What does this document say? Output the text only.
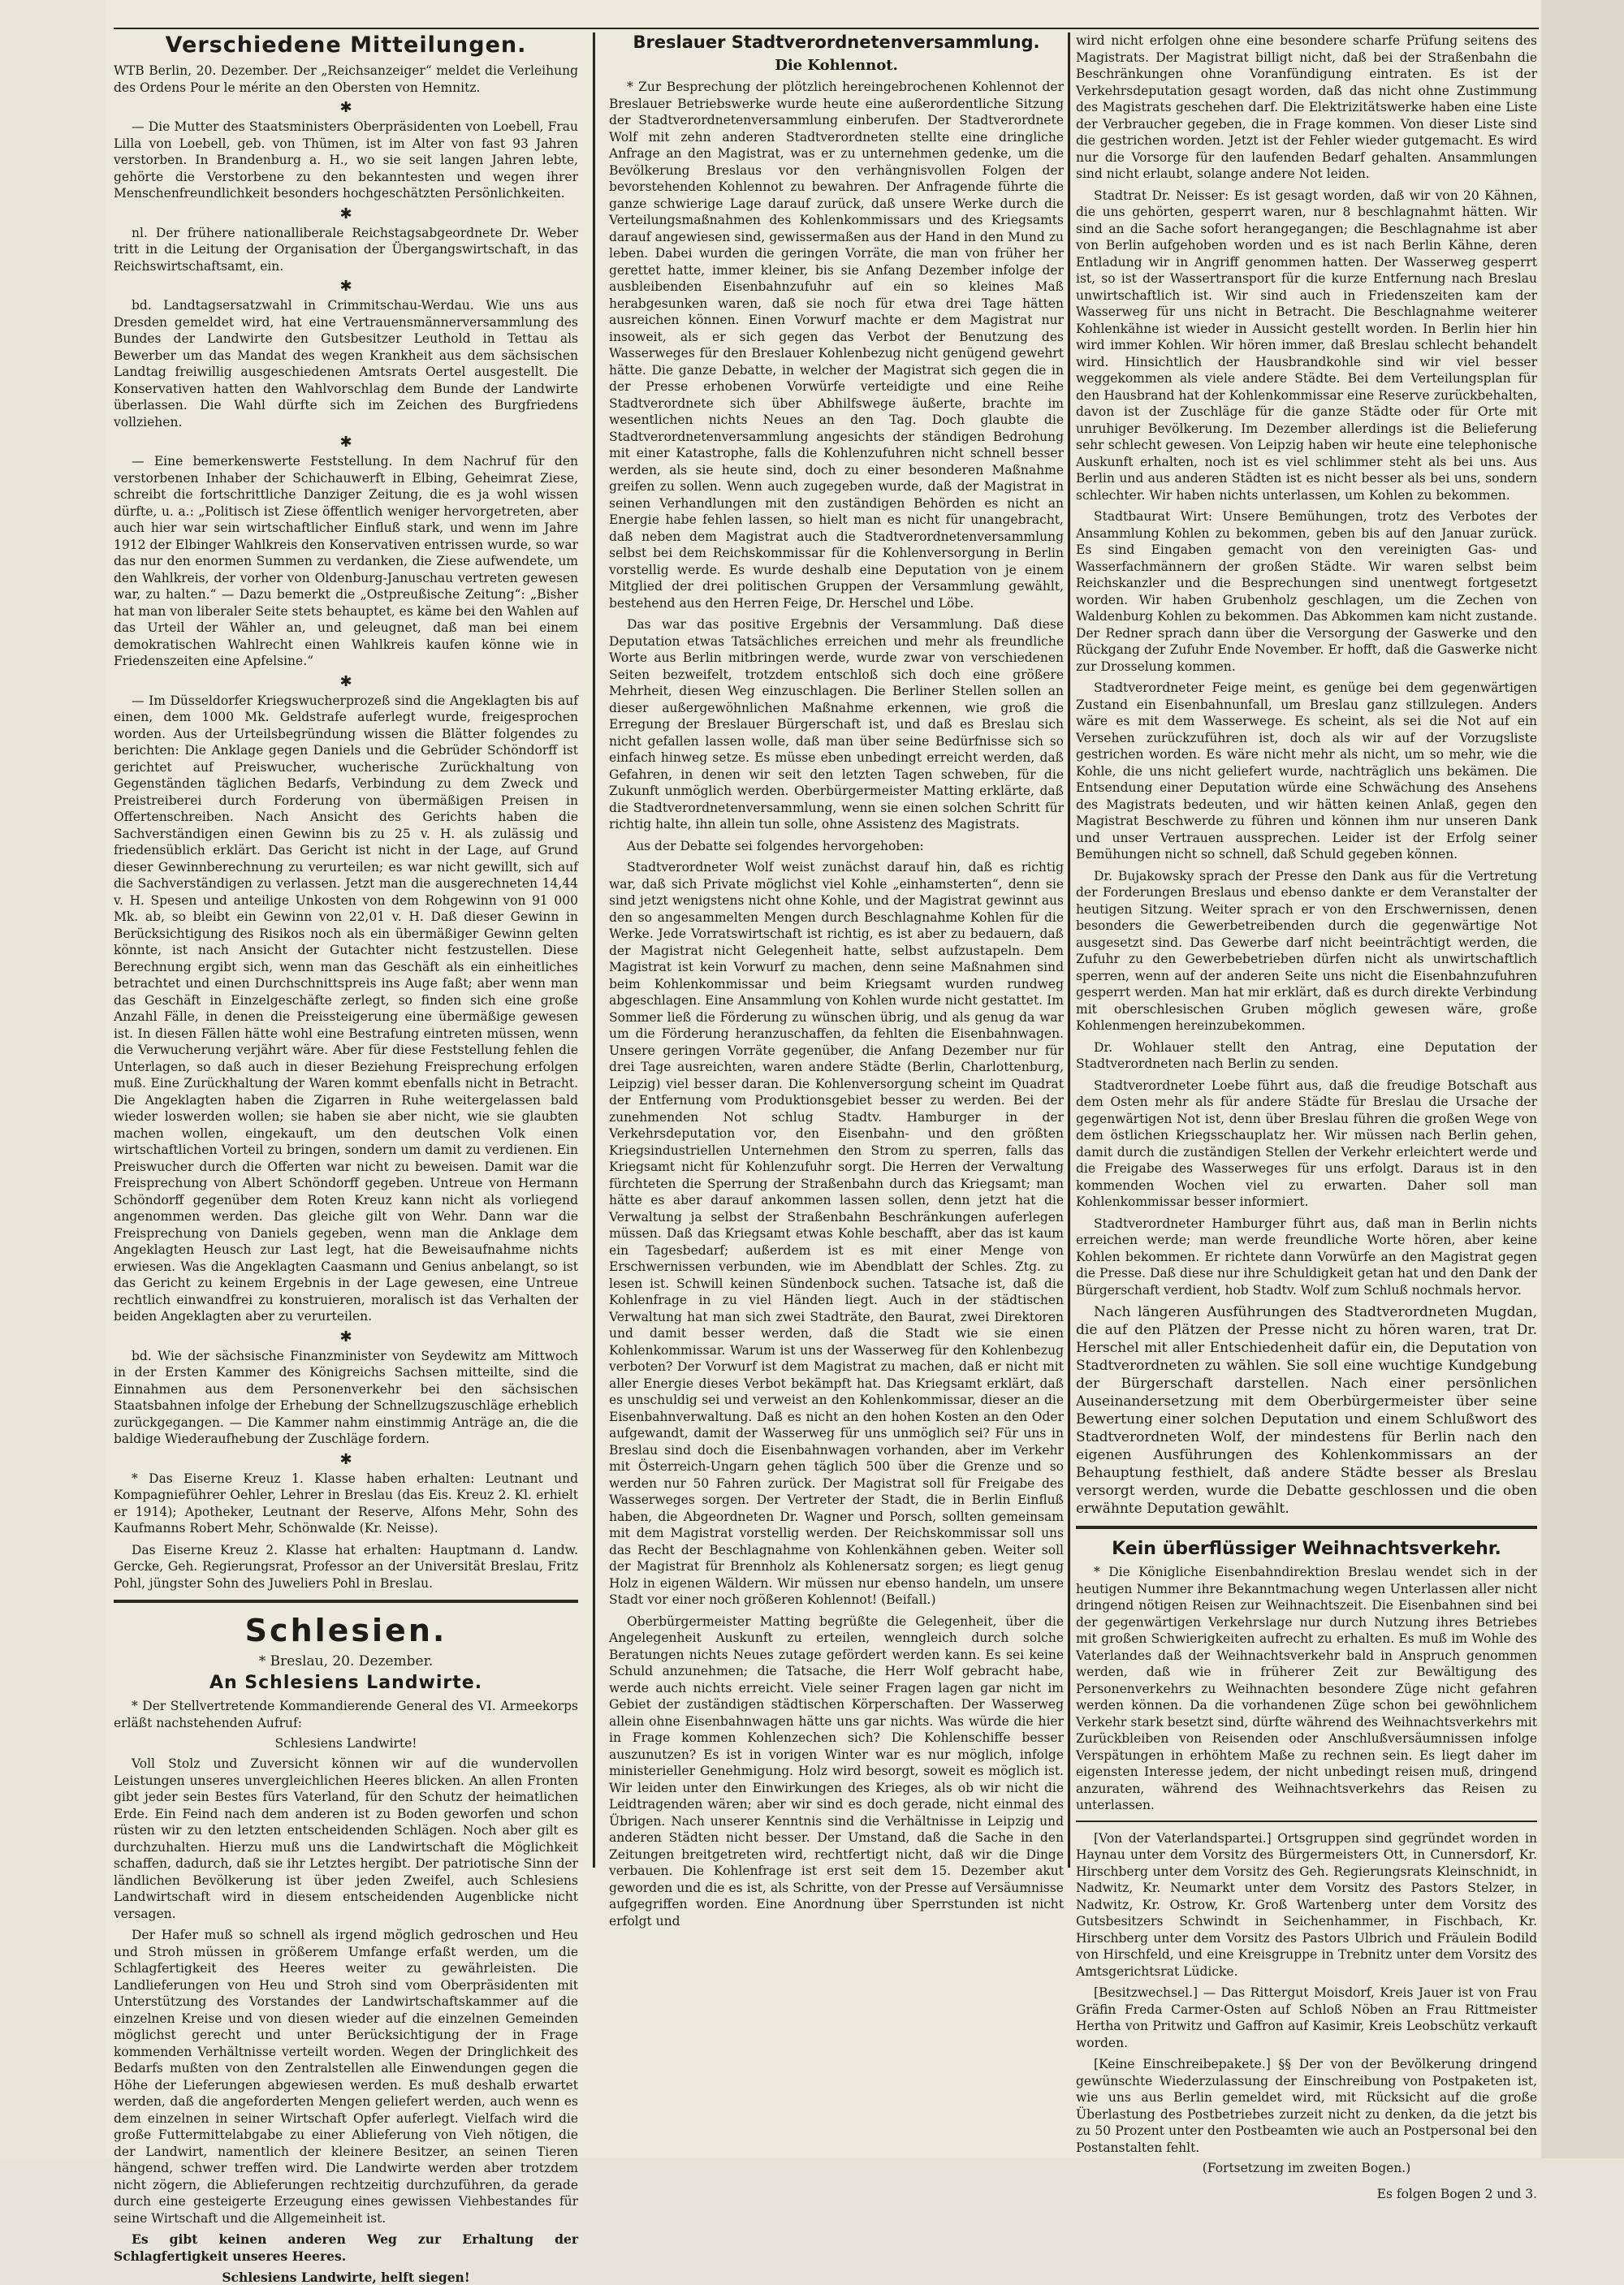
Verschiedene Mitteilungen.

WTB Berlin, 20. Dezember. Der „Reichsanzeiger“ meldet die Verleihung des Ordens Pour le mérite an den Obersten von Hemnitz.

✱

— Die Mutter des Staatsministers Oberpräsidenten von Loebell, Frau Lilla von Loebell, geb. von Thümen, ist im Alter von fast 93 Jahren verstorben. In Brandenburg a. H., wo sie seit langen Jahren lebte, gehörte die Verstorbene zu den bekanntesten und wegen ihrer Menschenfreundlichkeit besonders hochgeschätzten Persönlichkeiten.

✱

nl. Der frühere nationalliberale Reichstagsabgeordnete Dr. Weber tritt in die Leitung der Organisation der Übergangswirtschaft, in das Reichswirtschaftsamt, ein.

✱

bd. Landtagsersatzwahl in Crimmitschau-Werdau. Wie uns aus Dresden gemeldet wird, hat eine Vertrauensmännerversammlung des Bundes der Landwirte den Gutsbesitzer Leuthold in Tettau als Bewerber um das Mandat des wegen Krankheit aus dem sächsischen Landtag freiwillig ausgeschiedenen Amtsrats Oertel ausgestellt. Die Konservativen hatten den Wahlvorschlag dem Bunde der Landwirte überlassen. Die Wahl dürfte sich im Zeichen des Burgfriedens vollziehen.

✱

— Eine bemerkenswerte Feststellung. In dem Nachruf für den verstorbenen Inhaber der Schichauwerft in Elbing, Geheimrat Ziese, schreibt die fortschrittliche Danziger Zeitung, die es ja wohl wissen dürfte, u. a.: „Politisch ist Ziese öffentlich weniger hervorgetreten, aber auch hier war sein wirtschaftlicher Einfluß stark, und wenn im Jahre 1912 der Elbinger Wahlkreis den Konservativen entrissen wurde, so war das nur den enormen Summen zu verdanken, die Ziese aufwendete, um den Wahlkreis, der vorher von Oldenburg-Januschau vertreten gewesen war, zu halten.“ — Dazu bemerkt die „Ostpreußische Zeitung“: „Bisher hat man von liberaler Seite stets behauptet, es käme bei den Wahlen auf das Urteil der Wähler an, und geleugnet, daß man bei einem demokratischen Wahlrecht einen Wahlkreis kaufen könne wie in Friedenszeiten eine Apfelsine.“

✱

— Im Düsseldorfer Kriegswucherprozeß sind die Angeklagten bis auf einen, dem 1000 Mk. Geldstrafe auferlegt wurde, freigesprochen worden. Aus der Urteilsbegründung wissen die Blätter folgendes zu berichten: Die Anklage gegen Daniels und die Gebrüder Schöndorff ist gerichtet auf Preiswucher, wucherische Zurückhaltung von Gegenständen täglichen Bedarfs, Verbindung zu dem Zweck und Preistreiberei durch Forderung von übermäßigen Preisen in Offertenschreiben. Nach Ansicht des Gerichts haben die Sachverständigen einen Gewinn bis zu 25 v. H. als zulässig und friedensüblich erklärt. Das Gericht ist nicht in der Lage, auf Grund dieser Gewinnberechnung zu verurteilen; es war nicht gewillt, sich auf die Sachverständigen zu verlassen. Jetzt man die ausgerechneten 14,44 v. H. Spesen und anteilige Unkosten von dem Rohgewinn von 91 000 Mk. ab, so bleibt ein Gewinn von 22,01 v. H. Daß dieser Gewinn in Berücksichtigung des Risikos noch als ein übermäßiger Gewinn gelten könnte, ist nach Ansicht der Gutachter nicht festzustellen. Diese Berechnung ergibt sich, wenn man das Geschäft als ein einheitliches betrachtet und einen Durchschnittspreis ins Auge faßt; aber wenn man das Geschäft in Einzelgeschäfte zerlegt, so finden sich eine große Anzahl Fälle, in denen die Preissteigerung eine übermäßige gewesen ist. In diesen Fällen hätte wohl eine Bestrafung eintreten müssen, wenn die Verwucherung verjährt wäre. Aber für diese Feststellung fehlen die Unterlagen, so daß auch in dieser Beziehung Freisprechung erfolgen muß. Eine Zurückhaltung der Waren kommt ebenfalls nicht in Betracht. Die Angeklagten haben die Zigarren in Ruhe weitergelassen bald wieder loswerden wollen; sie haben sie aber nicht, wie sie glaubten machen wollen, eingekauft, um den deutschen Volk einen wirtschaftlichen Vorteil zu bringen, sondern um damit zu verdienen. Ein Preiswucher durch die Offerten war nicht zu beweisen. Damit war die Freisprechung von Albert Schöndorff gegeben. Untreue von Hermann Schöndorff gegenüber dem Roten Kreuz kann nicht als vorliegend angenommen werden. Das gleiche gilt von Wehr. Dann war die Freisprechung von Daniels gegeben, wenn man die Anklage dem Angeklagten Heusch zur Last legt, hat die Beweisaufnahme nichts erwiesen. Was die Angeklagten Caasmann und Genius anbelangt, so ist das Gericht zu keinem Ergebnis in der Lage gewesen, eine Untreue rechtlich einwandfrei zu konstruieren, moralisch ist das Verhalten der beiden Angeklagten aber zu verurteilen.

✱

bd. Wie der sächsische Finanzminister von Seydewitz am Mittwoch in der Ersten Kammer des Königreichs Sachsen mitteilte, sind die Einnahmen aus dem Personenverkehr bei den sächsischen Staatsbahnen infolge der Erhebung der Schnellzugszuschläge erheblich zurückgegangen. — Die Kammer nahm einstimmig Anträge an, die die baldige Wiederaufhebung der Zuschläge fordern.

✱

* Das Eiserne Kreuz 1. Klasse haben erhalten: Leutnant und Kompagnieführer Oehler, Lehrer in Breslau (das Eis. Kreuz 2. Kl. erhielt er 1914); Apotheker, Leutnant der Reserve, Alfons Mehr, Sohn des Kaufmanns Robert Mehr, Schönwalde (Kr. Neisse).

Das Eiserne Kreuz 2. Klasse hat erhalten: Hauptmann d. Landw. Gercke, Geh. Regierungsrat, Professor an der Universität Breslau, Fritz Pohl, jüngster Sohn des Juweliers Pohl in Breslau.

Schlesien.
* Breslau, 20. Dezember.
An Schlesiens Landwirte.

* Der Stellvertretende Kommandierende General des VI. Armeekorps erläßt nachstehenden Aufruf:

Schlesiens Landwirte!

Voll Stolz und Zuversicht können wir auf die wundervollen Leistungen unseres unvergleichlichen Heeres blicken. An allen Fronten gibt jeder sein Bestes fürs Vaterland, für den Schutz der heimatlichen Erde. Ein Feind nach dem anderen ist zu Boden geworfen und schon rüsten wir zu den letzten entscheidenden Schlägen. Noch aber gilt es durchzuhalten. Hierzu muß uns die Landwirtschaft die Möglichkeit schaffen, dadurch, daß sie ihr Letztes hergibt. Der patriotische Sinn der ländlichen Bevölkerung ist über jeden Zweifel, auch Schlesiens Landwirtschaft wird in diesem entscheidenden Augenblicke nicht versagen.

Der Hafer muß so schnell als irgend möglich gedroschen und Heu und Stroh müssen in größerem Umfange erfaßt werden, um die Schlagfertigkeit des Heeres weiter zu gewährleisten. Die Landlieferungen von Heu und Stroh sind vom Oberpräsidenten mit Unterstützung des Vorstandes der Landwirtschaftskammer auf die einzelnen Kreise und von diesen wieder auf die einzelnen Gemeinden möglichst gerecht und unter Berücksichtigung der in Frage kommenden Verhältnisse verteilt worden. Wegen der Dringlichkeit des Bedarfs mußten von den Zentralstellen alle Einwendungen gegen die Höhe der Lieferungen abgewiesen werden. Es muß deshalb erwartet werden, daß die angeforderten Mengen geliefert werden, auch wenn es dem einzelnen in seiner Wirtschaft Opfer auferlegt. Vielfach wird die große Futtermittelabgabe zu einer Ablieferung von Vieh nötigen, die der Landwirt, namentlich der kleinere Besitzer, an seinen Tieren hängend, schwer treffen wird. Die Landwirte werden aber trotzdem nicht zögern, die Ablieferungen rechtzeitig durchzuführen, da gerade durch eine gesteigerte Erzeugung eines gewissen Viehbestandes für seine Wirtschaft und die Allgemeinheit ist.

Es gibt keinen anderen Weg zur Erhaltung der Schlagfertigkeit unseres Heeres.

Schlesiens Landwirte, helft siegen!
Breslauer Stadtverordnetenversammlung.
Die Kohlennot.

* Zur Besprechung der plötzlich hereingebrochenen Kohlennot der Breslauer Betriebswerke wurde heute eine außerordentliche Sitzung der Stadtverordnetenversammlung einberufen. Der Stadtverordnete Wolf mit zehn anderen Stadtverordneten stellte eine dringliche Anfrage an den Magistrat, was er zu unternehmen gedenke, um die Bevölkerung Breslaus vor den verhängnisvollen Folgen der bevorstehenden Kohlennot zu bewahren. Der Anfragende führte die ganze schwierige Lage darauf zurück, daß unsere Werke durch die Verteilungsmaßnahmen des Kohlenkommissars und des Kriegsamts darauf angewiesen sind, gewissermaßen aus der Hand in den Mund zu leben. Dabei wurden die geringen Vorräte, die man von früher her gerettet hatte, immer kleiner, bis sie Anfang Dezember infolge der ausbleibenden Eisenbahnzufuhr auf ein so kleines Maß herabgesunken waren, daß sie noch für etwa drei Tage hätten ausreichen können. Einen Vorwurf machte er dem Magistrat nur insoweit, als er sich gegen das Verbot der Benutzung des Wasserweges für den Breslauer Kohlenbezug nicht genügend gewehrt hätte. Die ganze Debatte, in welcher der Magistrat sich gegen die in der Presse erhobenen Vorwürfe verteidigte und eine Reihe Stadtverordnete sich über Abhilfswege äußerte, brachte im wesentlichen nichts Neues an den Tag. Doch glaubte die Stadtverordnetenversammlung angesichts der ständigen Bedrohung mit einer Katastrophe, falls die Kohlenzufuhren nicht schnell besser werden, als sie heute sind, doch zu einer besonderen Maßnahme greifen zu sollen. Wenn auch zugegeben wurde, daß der Magistrat in seinen Verhandlungen mit den zuständigen Behörden es nicht an Energie habe fehlen lassen, so hielt man es nicht für unangebracht, daß neben dem Magistrat auch die Stadtverordnetenversammlung selbst bei dem Reichskommissar für die Kohlenversorgung in Berlin vorstellig werde. Es wurde deshalb eine Deputation von je einem Mitglied der drei politischen Gruppen der Versammlung gewählt, bestehend aus den Herren Feige, Dr. Herschel und Löbe.

Das war das positive Ergebnis der Versammlung. Daß diese Deputation etwas Tatsächliches erreichen und mehr als freundliche Worte aus Berlin mitbringen werde, wurde zwar von verschiedenen Seiten bezweifelt, trotzdem entschloß sich doch eine größere Mehrheit, diesen Weg einzuschlagen. Die Berliner Stellen sollen an dieser außergewöhnlichen Maßnahme erkennen, wie groß die Erregung der Breslauer Bürgerschaft ist, und daß es Breslau sich nicht gefallen lassen wolle, daß man über seine Bedürfnisse sich so einfach hinweg setze. Es müsse eben unbedingt erreicht werden, daß Gefahren, in denen wir seit den letzten Tagen schweben, für die Zukunft unmöglich werden. Oberbürgermeister Matting erklärte, daß die Stadtverordnetenversammlung, wenn sie einen solchen Schritt für richtig halte, ihn allein tun solle, ohne Assistenz des Magistrats.

Aus der Debatte sei folgendes hervorgehoben:

Stadtverordneter Wolf weist zunächst darauf hin, daß es richtig war, daß sich Private möglichst viel Kohle „einhamsterten“, denn sie sind jetzt wenigstens nicht ohne Kohle, und der Magistrat gewinnt aus den so angesammelten Mengen durch Beschlagnahme Kohlen für die Werke. Jede Vorratswirtschaft ist richtig, es ist aber zu bedauern, daß der Magistrat nicht Gelegenheit hatte, selbst aufzustapeln. Dem Magistrat ist kein Vorwurf zu machen, denn seine Maßnahmen sind beim Kohlenkommissar und beim Kriegsamt wurden rundweg abgeschlagen. Eine Ansammlung von Kohlen wurde nicht gestattet. Im Sommer ließ die Förderung zu wünschen übrig, und als genug da war um die Förderung heranzuschaffen, da fehlten die Eisenbahnwagen. Unsere geringen Vorräte gegenüber, die Anfang Dezember nur für drei Tage ausreichten, waren andere Städte (Berlin, Charlottenburg, Leipzig) viel besser daran. Die Kohlenversorgung scheint im Quadrat der Entfernung vom Produktionsgebiet besser zu werden. Bei der zunehmenden Not schlug Stadtv. Hamburger in der Verkehrsdeputation vor, den Eisenbahn- und den größten Kriegsindustriellen Unternehmen den Strom zu sperren, falls das Kriegsamt nicht für Kohlenzufuhr sorgt. Die Herren der Verwaltung fürchteten die Sperrung der Straßenbahn durch das Kriegsamt; man hätte es aber darauf ankommen lassen sollen, denn jetzt hat die Verwaltung ja selbst der Straßenbahn Beschränkungen auferlegen müssen. Daß das Kriegsamt etwas Kohle beschafft, aber das ist kaum ein Tagesbedarf; außerdem ist es mit einer Menge von Erschwernissen verbunden, wie im Abendblatt der Schles. Ztg. zu lesen ist. Schwill keinen Sündenbock suchen. Tatsache ist, daß die Kohlenfrage in zu viel Händen liegt. Auch in der städtischen Verwaltung hat man sich zwei Stadträte, den Baurat, zwei Direktoren und damit besser werden, daß die Stadt wie sie einen Kohlenkommissar. Warum ist uns der Wasserweg für den Kohlenbezug verboten? Der Vorwurf ist dem Magistrat zu machen, daß er nicht mit aller Energie dieses Verbot bekämpft hat. Das Kriegsamt erklärt, daß es unschuldig sei und verweist an den Kohlenkommissar, dieser an die Eisenbahnverwaltung. Daß es nicht an den hohen Kosten an den Oder aufgewandt, damit der Wasserweg für uns unmöglich sei? Für uns in Breslau sind doch die Eisenbahnwagen vorhanden, aber im Verkehr mit Österreich-Ungarn gehen täglich 500 über die Grenze und so werden nur 50 Fahren zurück. Der Magistrat soll für Freigabe des Wasserweges sorgen. Der Vertreter der Stadt, die in Berlin Einfluß haben, die Abgeordneten Dr. Wagner und Porsch, sollten gemeinsam mit dem Magistrat vorstellig werden. Der Reichskommissar soll uns das Recht der Beschlagnahme von Kohlenkähnen geben. Weiter soll der Magistrat für Brennholz als Kohlenersatz sorgen; es liegt genug Holz in eigenen Wäldern. Wir müssen nur ebenso handeln, um unsere Stadt vor einer noch größeren Kohlennot! (Beifall.)

Oberbürgermeister Matting begrüßte die Gelegenheit, über die Angelegenheit Auskunft zu erteilen, wenngleich durch solche Beratungen nichts Neues zutage gefördert werden kann. Es sei keine Schuld anzunehmen; die Tatsache, die Herr Wolf gebracht habe, werde auch nichts erreicht. Viele seiner Fragen lagen gar nicht im Gebiet der zuständigen städtischen Körperschaften. Der Wasserweg allein ohne Eisenbahnwagen hätte uns gar nichts. Was würde die hier in Frage kommen Kohlenzechen sich? Die Kohlenschiffe besser auszunutzen? Es ist in vorigen Winter war es nur möglich, infolge ministerieller Genehmigung. Holz wird besorgt, soweit es möglich ist. Wir leiden unter den Einwirkungen des Krieges, als ob wir nicht die Leidtragenden wären; aber wir sind es doch gerade, nicht einmal des Übrigen. Nach unserer Kenntnis sind die Verhältnisse in Leipzig und anderen Städten nicht besser. Der Umstand, daß die Sache in den Zeitungen breitgetreten wird, rechtfertigt nicht, daß wir die Dinge verbauen. Die Kohlenfrage ist erst seit dem 15. Dezember akut geworden und die es ist, als Schritte, von der Presse auf Versäumnisse aufgegriffen worden. Eine Anordnung über Sperrstunden ist nicht erfolgt und

wird nicht erfolgen ohne eine besondere scharfe Prüfung seitens des Magistrats. Der Magistrat billigt nicht, daß bei der Straßenbahn die Beschränkungen ohne Voranfündigung eintraten. Es ist der Verkehrsdeputation gesagt worden, daß das nicht ohne Zustimmung des Magistrats geschehen darf. Die Elektrizitätswerke haben eine Liste der Verbraucher gegeben, die in Frage kommen. Von dieser Liste sind die gestrichen worden. Jetzt ist der Fehler wieder gutgemacht. Es wird nur die Vorsorge für den laufenden Bedarf gehalten. Ansammlungen sind nicht erlaubt, solange andere Not leiden.

Stadtrat Dr. Neisser: Es ist gesagt worden, daß wir von 20 Kähnen, die uns gehörten, gesperrt waren, nur 8 beschlagnahmt hätten. Wir sind an die Sache sofort herangegangen; die Beschlagnahme ist aber von Berlin aufgehoben worden und es ist nach Berlin Kähne, deren Entladung wir in Angriff genommen hatten. Der Wasserweg gesperrt ist, so ist der Wassertransport für die kurze Entfernung nach Breslau unwirtschaftlich ist. Wir sind auch in Friedenszeiten kam der Wasserweg für uns nicht in Betracht. Die Beschlagnahme weiterer Kohlenkähne ist wieder in Aussicht gestellt worden. In Berlin hier hin wird immer Kohlen. Wir hören immer, daß Breslau schlecht behandelt wird. Hinsichtlich der Hausbrandkohle sind wir viel besser weggekommen als viele andere Städte. Bei dem Verteilungsplan für den Hausbrand hat der Kohlenkommissar eine Reserve zurückbehalten, davon ist der Zuschläge für die ganze Städte oder für Orte mit unruhiger Bevölkerung. Im Dezember allerdings ist die Belieferung sehr schlecht gewesen. Von Leipzig haben wir heute eine telephonische Auskunft erhalten, noch ist es viel schlimmer steht als bei uns. Aus Berlin und aus anderen Städten ist es nicht besser als bei uns, sondern schlechter. Wir haben nichts unterlassen, um Kohlen zu bekommen.

Stadtbaurat Wirt: Unsere Bemühungen, trotz des Verbotes der Ansammlung Kohlen zu bekommen, geben bis auf den Januar zurück. Es sind Eingaben gemacht von den vereinigten Gas- und Wasserfachmännern der großen Städte. Wir waren selbst beim Reichskanzler und die Besprechungen sind unentwegt fortgesetzt worden. Wir haben Grubenholz geschlagen, um die Zechen von Waldenburg Kohlen zu bekommen. Das Abkommen kam nicht zustande. Der Redner sprach dann über die Versorgung der Gaswerke und den Rückgang der Zufuhr Ende November. Er hofft, daß die Gaswerke nicht zur Drosselung kommen.

Stadtverordneter Feige meint, es genüge bei dem gegenwärtigen Zustand ein Eisenbahnunfall, um Breslau ganz stillzulegen. Anders wäre es mit dem Wasserwege. Es scheint, als sei die Not auf ein Versehen zurückzuführen ist, doch als wir auf der Vorzugsliste gestrichen worden. Es wäre nicht mehr als nicht, um so mehr, wie die Kohle, die uns nicht geliefert wurde, nachträglich uns bekämen. Die Entsendung einer Deputation würde eine Schwächung des Ansehens des Magistrats bedeuten, und wir hätten keinen Anlaß, gegen den Magistrat Beschwerde zu führen und können ihm nur unseren Dank und unser Vertrauen aussprechen. Leider ist der Erfolg seiner Bemühungen nicht so schnell, daß Schuld gegeben können.

Dr. Bujakowsky sprach der Presse den Dank aus für die Vertretung der Forderungen Breslaus und ebenso dankte er dem Veranstalter der heutigen Sitzung. Weiter sprach er von den Erschwernissen, denen besonders die Gewerbetreibenden durch die gegenwärtige Not ausgesetzt sind. Das Gewerbe darf nicht beeinträchtigt werden, die Zufuhr zu den Gewerbebetrieben dürfen nicht als unwirtschaftlich sperren, wenn auf der anderen Seite uns nicht die Eisenbahnzufuhren gesperrt werden. Man hat mir erklärt, daß es durch direkte Verbindung mit oberschlesischen Gruben möglich gewesen wäre, große Kohlenmengen hereinzubekommen.

Dr. Wohlauer stellt den Antrag, eine Deputation der Stadtverordneten nach Berlin zu senden.

Stadtverordneter Loebe führt aus, daß die freudige Botschaft aus dem Osten mehr als für andere Städte für Breslau die Ursache der gegenwärtigen Not ist, denn über Breslau führen die großen Wege von dem östlichen Kriegsschauplatz her. Wir müssen nach Berlin gehen, damit durch die zuständigen Stellen der Verkehr erleichtert werde und die Freigabe des Wasserweges für uns erfolgt. Daraus ist in den kommenden Wochen viel zu erwarten. Daher soll man Kohlenkommissar besser informiert.

Stadtverordneter Hamburger führt aus, daß man in Berlin nichts erreichen werde; man werde freundliche Worte hören, aber keine Kohlen bekommen. Er richtete dann Vorwürfe an den Magistrat gegen die Presse. Daß diese nur ihre Schuldigkeit getan hat und den Dank der Bürgerschaft verdient, hob Stadtv. Wolf zum Schluß nochmals hervor.

Nach längeren Ausführungen des Stadtverordneten Mugdan, die auf den Plätzen der Presse nicht zu hören waren, trat Dr. Herschel mit aller Entschiedenheit dafür ein, die Deputation von Stadtverordneten zu wählen. Sie soll eine wuchtige Kundgebung der Bürgerschaft darstellen. Nach einer persönlichen Auseinandersetzung mit dem Oberbürgermeister über seine Bewertung einer solchen Deputation und einem Schlußwort des Stadtverordneten Wolf, der mindestens für Berlin nach den eigenen Ausführungen des Kohlenkommissars an der Behauptung festhielt, daß andere Städte besser als Breslau versorgt werden, wurde die Debatte geschlossen und die oben erwähnte Deputation gewählt.

Kein überflüssiger Weihnachtsverkehr.

* Die Königliche Eisenbahndirektion Breslau wendet sich in der heutigen Nummer ihre Bekanntmachung wegen Unterlassen aller nicht dringend nötigen Reisen zur Weihnachtszeit. Die Eisenbahnen sind bei der gegenwärtigen Verkehrslage nur durch Nutzung ihres Betriebes mit großen Schwierigkeiten aufrecht zu erhalten. Es muß im Wohle des Vaterlandes daß der Weihnachtsverkehr bald in Anspruch genommen werden, daß wie in früherer Zeit zur Bewältigung des Personenverkehrs zu Weihnachten besondere Züge nicht gefahren werden können. Da die vorhandenen Züge schon bei gewöhnlichem Verkehr stark besetzt sind, dürfte während des Weihnachtsverkehrs mit Zurückbleiben von Reisenden oder Anschlußversäumnissen infolge Verspätungen in erhöhtem Maße zu rechnen sein. Es liegt daher im eigensten Interesse jedem, der nicht unbedingt reisen muß, dringend anzuraten, während des Weihnachtsverkehrs das Reisen zu unterlassen.

[Von der Vaterlandspartei.] Ortsgruppen sind gegründet worden in Haynau unter dem Vorsitz des Bürgermeisters Ott, in Cunnersdorf, Kr. Hirschberg unter dem Vorsitz des Geh. Regierungsrats Kleinschnidt, in Nadwitz, Kr. Neumarkt unter dem Vorsitz des Pastors Stelzer, in Nadwitz, Kr. Ostrow, Kr. Groß Wartenberg unter dem Vorsitz des Gutsbesitzers Schwindt in Seichenhammer, in Fischbach, Kr. Hirschberg unter dem Vorsitz des Pastors Ulbrich und Fräulein Bodild von Hirschfeld, und eine Kreisgruppe in Trebnitz unter dem Vorsitz des Amtsgerichtsrat Lüdicke.

[Besitzwechsel.] — Das Rittergut Moisdorf, Kreis Jauer ist von Frau Gräfin Freda Carmer-Osten auf Schloß Nöben an Frau Rittmeister Hertha von Pritwitz und Gaffron auf Kasimir, Kreis Leobschütz verkauft worden.

[Keine Einschreibepakete.] §§ Der von der Bevölkerung dringend gewünschte Wiederzulassung der Einschreibung von Postpaketen ist, wie uns aus Berlin gemeldet wird, mit Rücksicht auf die große Überlastung des Postbetriebes zurzeit nicht zu denken, da die jetzt bis zu 50 Prozent unter den Postbeamten wie auch an Postpersonal bei den Postanstalten fehlt.

(Fortsetzung im zweiten Bogen.)
Es folgen Bogen 2 und 3.
